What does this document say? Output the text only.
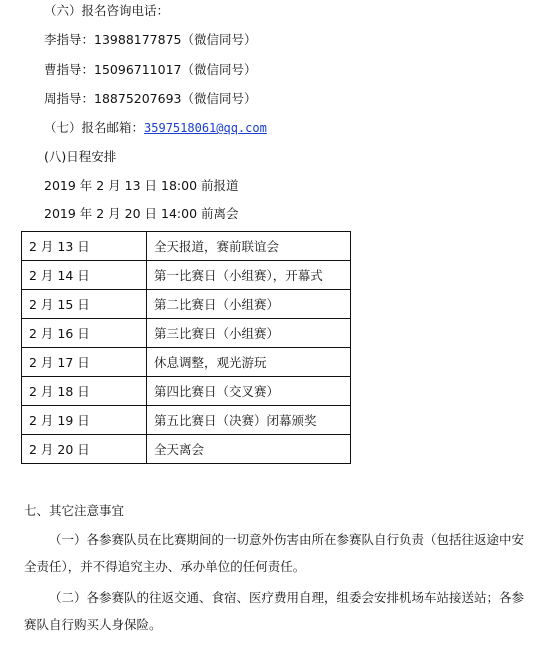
（六）报名咨询电话：
李指导：13988177875（微信同号）
曹指导：15096711017（微信同号）
周指导：18875207693（微信同号）
（七）报名邮箱：3597518061@qq.com
(八)日程安排
2019 年 2 月 13 日 18:00 前报道
2019 年 2 月 20 日 14:00 前离会
2 月 13 日	全天报道，赛前联谊会
2 月 14 日	第一比赛日（小组赛），开幕式
2 月 15 日	第二比赛日（小组赛）
2 月 16 日	第三比赛日（小组赛）
2 月 17 日	休息调整，观光游玩
2 月 18 日	第四比赛日（交叉赛）
2 月 19 日	第五比赛日（决赛）闭幕颁奖
2 月 20 日	全天离会
七、其它注意事宜
（一）各参赛队员在比赛期间的一切意外伤害由所在参赛队自行负责（包括往返途中安全责任），并不得追究主办、承办单位的任何责任。
（二）各参赛队的往返交通、食宿、医疗费用自理，组委会安排机场车站接送站；各参赛队自行购买人身保险。
